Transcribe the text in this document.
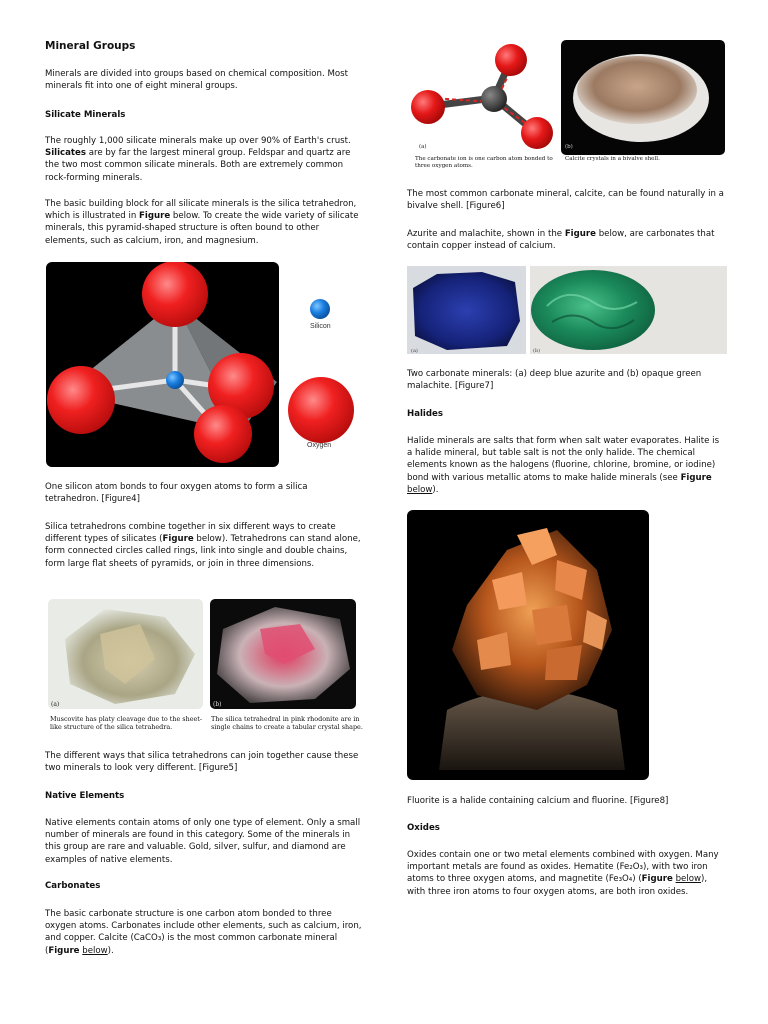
Mineral Groups

Minerals are divided into groups based on chemical composition. Most minerals fit into one of eight mineral groups.

Silicate Minerals

The roughly 1,000 silicate minerals make up over 90% of Earth's crust. Silicates are by far the largest mineral group. Feldspar and quartz are the two most common silicate minerals. Both are extremely common rock-forming minerals.

The basic building block for all silicate minerals is the silica tetrahedron, which is illustrated in Figure below. To create the wide variety of silicate minerals, this pyramid-shaped structure is often bound to other elements, such as calcium, iron, and magnesium.

Silicon
Oxygen

One silicon atom bonds to four oxygen atoms to form a silica tetrahedron. [Figure4]

Silica tetrahedrons combine together in six different ways to create different types of silicates (Figure below). Tetrahedrons can stand alone, form connected circles called rings, link into single and double chains, form large flat sheets of pyramids, or join in three dimensions.

(a)	(b)
Muscovite has platy cleavage due to the sheet-like structure of the silica tetrahedra.
The silica tetrahedral in pink rhodonite are in single chains to create a tabular crystal shape.

The different ways that silica tetrahedrons can join together cause these two minerals to look very different. [Figure5]

Native Elements

Native elements contain atoms of only one type of element. Only a small number of minerals are found in this category. Some of the minerals in this group are rare and valuable. Gold, silver, sulfur, and diamond are examples of native elements.

Carbonates

The basic carbonate structure is one carbon atom bonded to three oxygen atoms. Carbonates include other elements, such as calcium, iron, and copper. Calcite (CaCO₃) is the most common carbonate mineral (Figure below).

(a)	(b)
The carbonate ion is one carbon atom bonded to three oxygen atoms.
Calcite crystals in a bivalve shell.

The most common carbonate mineral, calcite, can be found naturally in a bivalve shell. [Figure6]

Azurite and malachite, shown in the Figure below, are carbonates that contain copper instead of calcium.

(a)	(b)

Two carbonate minerals: (a) deep blue azurite and (b) opaque green malachite. [Figure7]

Halides

Halide minerals are salts that form when salt water evaporates. Halite is a halide mineral, but table salt is not the only halide. The chemical elements known as the halogens (fluorine, chlorine, bromine, or iodine) bond with various metallic atoms to make halide minerals (see Figure below).

Fluorite is a halide containing calcium and fluorine. [Figure8]

Oxides

Oxides contain one or two metal elements combined with oxygen. Many important metals are found as oxides. Hematite (Fe₂O₃), with two iron atoms to three oxygen atoms, and magnetite (Fe₃O₄) (Figure below), with three iron atoms to four oxygen atoms, are both iron oxides.
